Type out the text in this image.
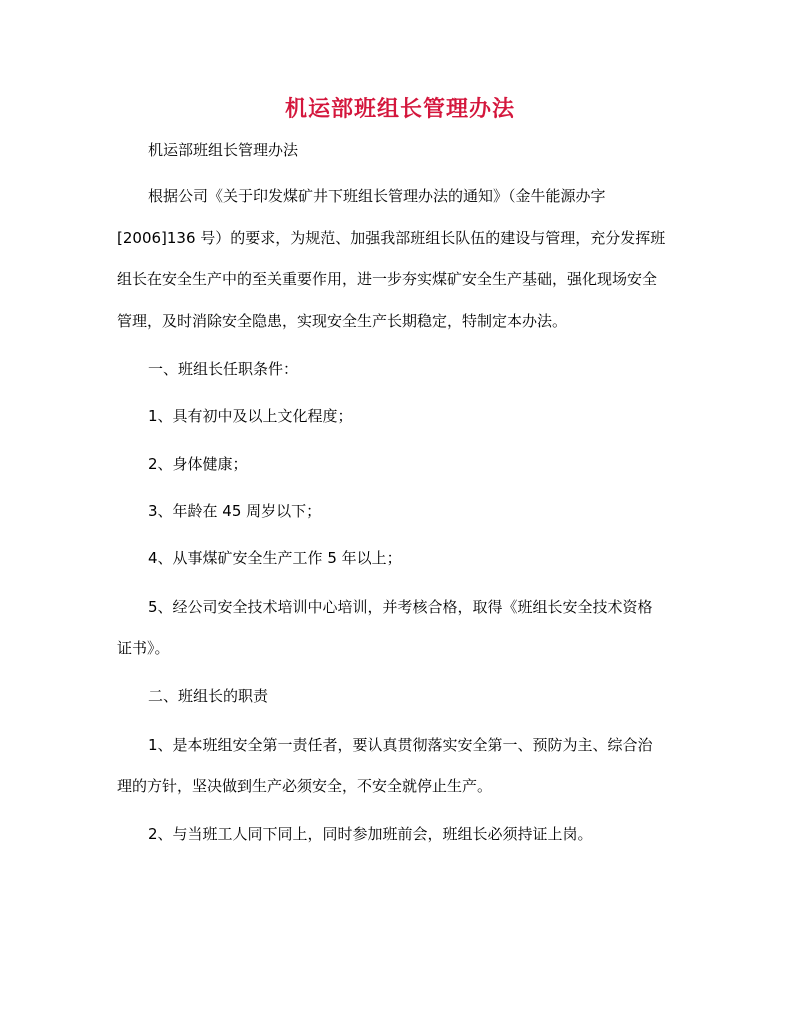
机运部班组长管理办法
机运部班组长管理办法
根据公司《关于印发煤矿井下班组长管理办法的通知》（金牛能源办字
[2006]136 号）的要求，为规范、加强我部班组长队伍的建设与管理，充分发挥班
组长在安全生产中的至关重要作用，进一步夯实煤矿安全生产基础，强化现场安全
管理，及时消除安全隐患，实现安全生产长期稳定，特制定本办法。
一、班组长任职条件：
1、具有初中及以上文化程度；
2、身体健康；
3、年龄在 45 周岁以下；
4、从事煤矿安全生产工作 5 年以上；
5、经公司安全技术培训中心培训，并考核合格，取得《班组长安全技术资格
证书》。
二、班组长的职责
1、是本班组安全第一责任者，要认真贯彻落实安全第一、预防为主、综合治
理的方针，坚决做到生产必须安全，不安全就停止生产。
2、与当班工人同下同上，同时参加班前会，班组长必须持证上岗。
